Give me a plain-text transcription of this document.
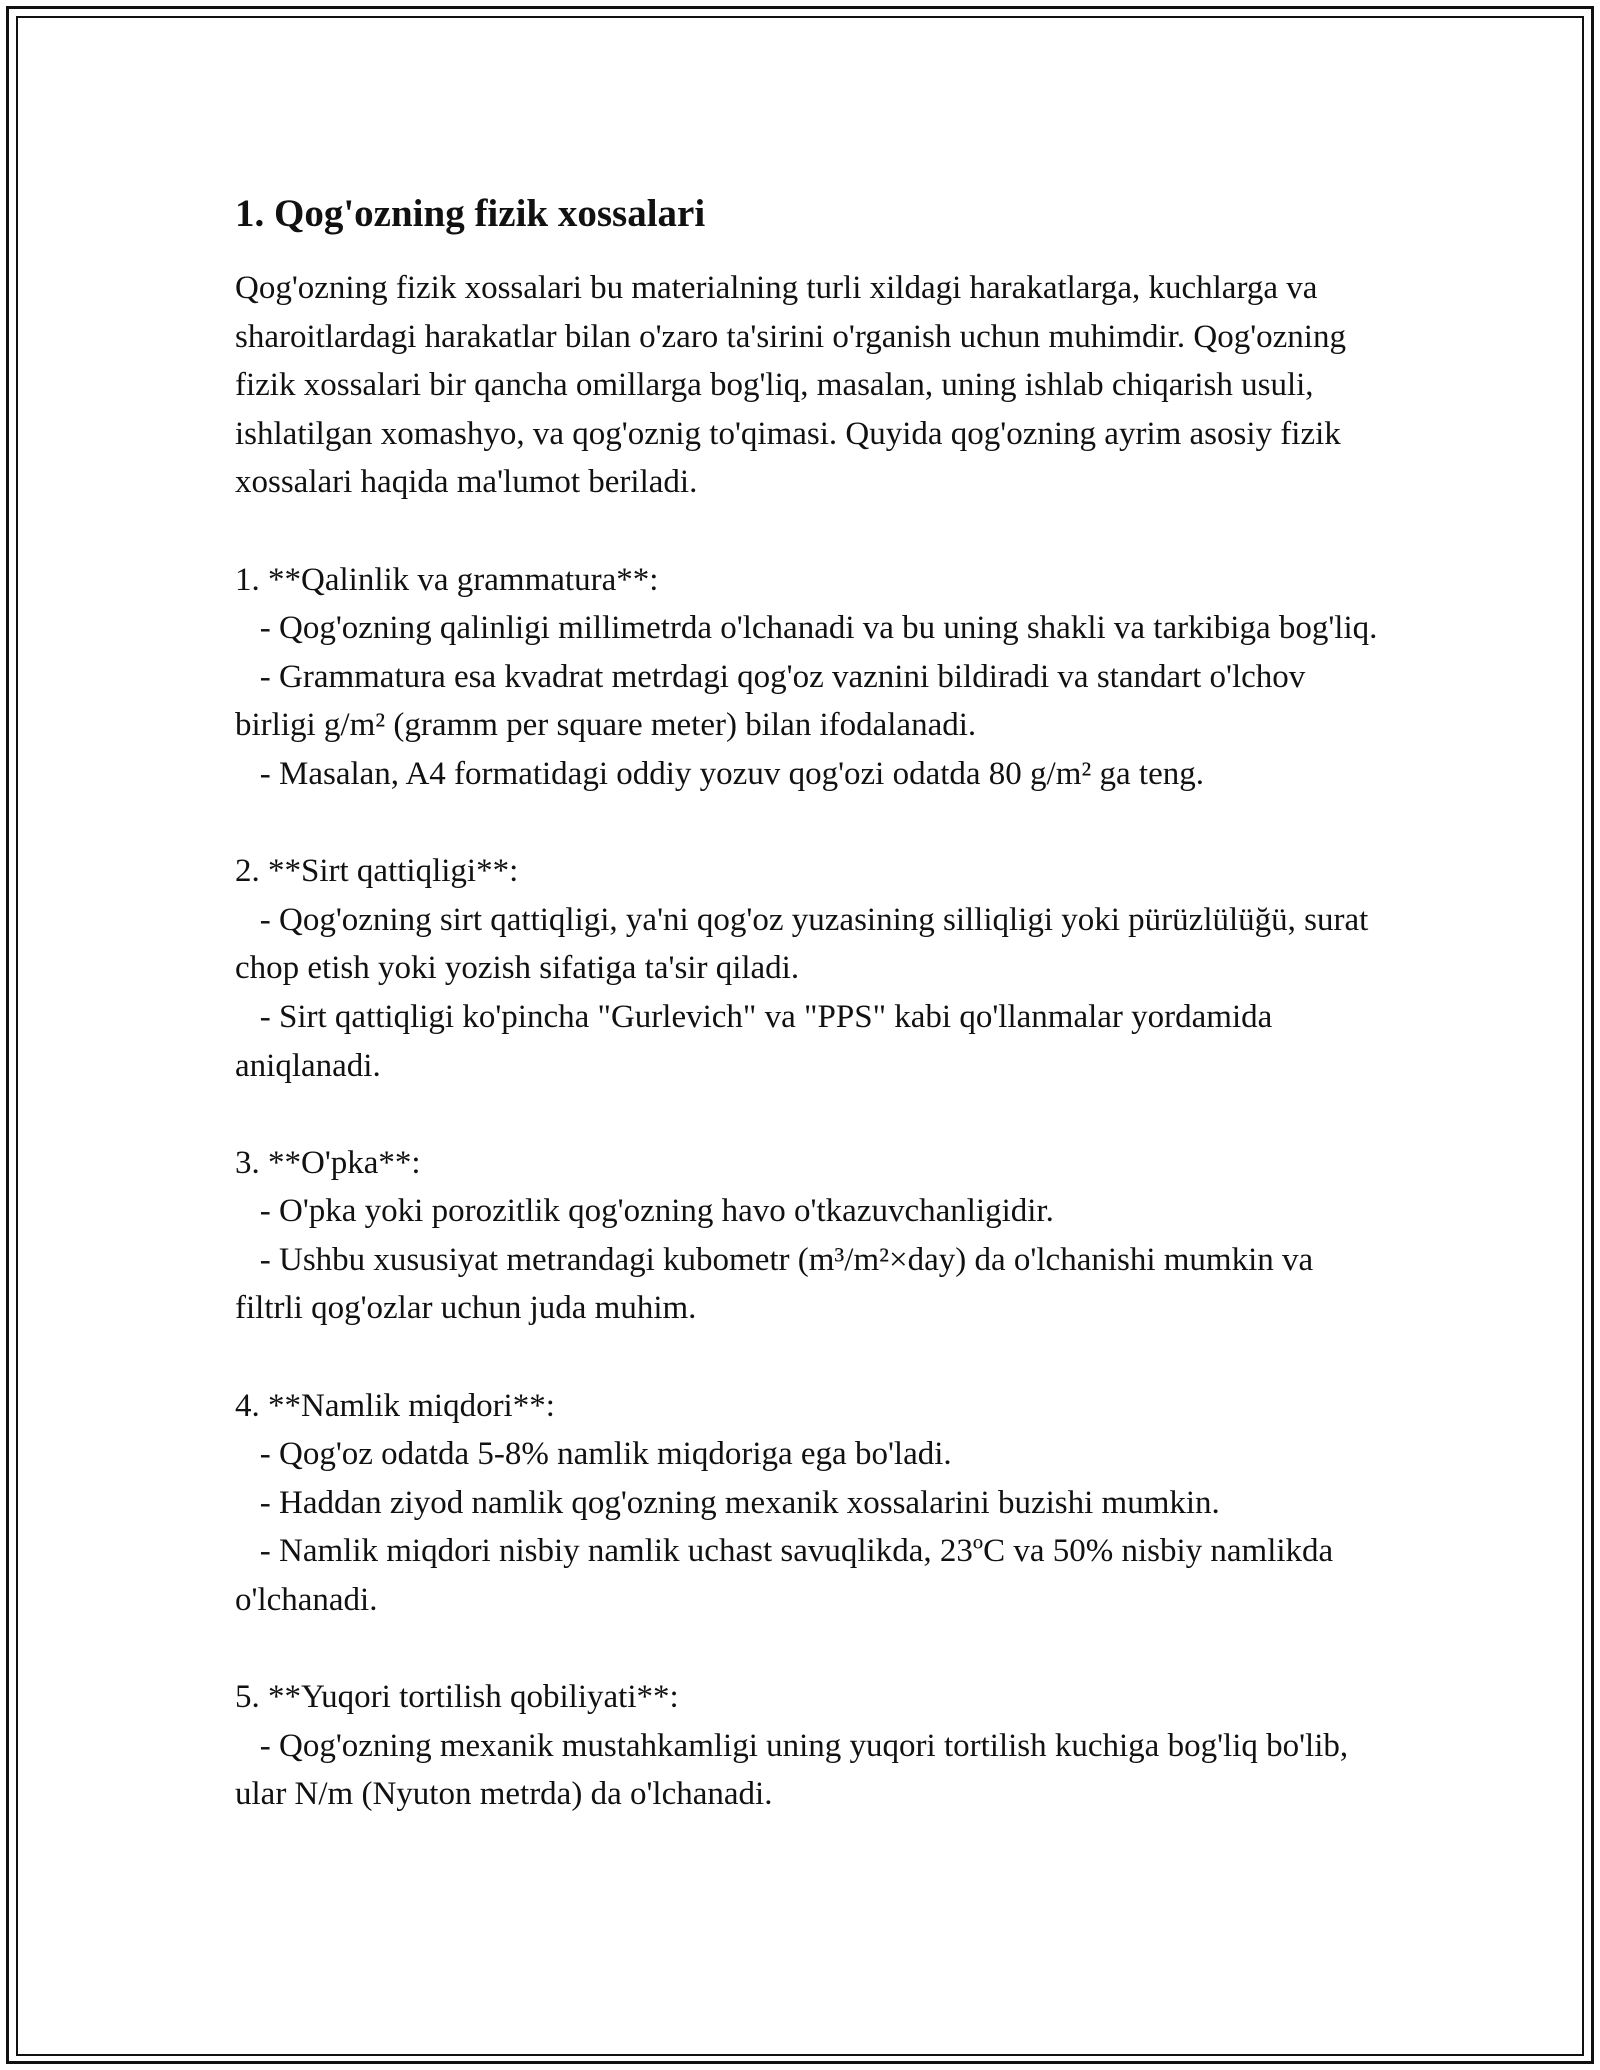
1. Qog'ozning fizik xossalari

Qog'ozning fizik xossalari bu materialning turli xildagi harakatlarga, kuchlarga va sharoitlardagi harakatlar bilan o'zaro ta'sirini o'rganish uchun muhimdir. Qog'ozning fizik xossalari bir qancha omillarga bog'liq, masalan, uning ishlab chiqarish usuli, ishlatilgan xomashyo, va qog'oznig to'qimasi. Quyida qog'ozning ayrim asosiy fizik xossalari haqida ma'lumot beriladi.

1. **Qalinlik va grammatura**:

- Qog'ozning qalinligi millimetrda o'lchanadi va bu uning shakli va tarkibiga bog'liq.

- Grammatura esa kvadrat metrdagi qog'oz vaznini bildiradi va standart o'lchov birligi g/m² (gramm per square meter) bilan ifodalanadi.

- Masalan, A4 formatidagi oddiy yozuv qog'ozi odatda 80 g/m² ga teng.

2. **Sirt qattiqligi**:

- Qog'ozning sirt qattiqligi, ya'ni qog'oz yuzasining silliqligi yoki pürüzlülüğü, surat chop etish yoki yozish sifatiga ta'sir qiladi.

- Sirt qattiqligi ko'pincha "Gurlevich" va "PPS" kabi qo'llanmalar yordamida aniqlanadi.

3. **O'pka**:

- O'pka yoki porozitlik qog'ozning havo o'tkazuvchanligidir.

- Ushbu xususiyat metrandagi kubometr (m³/m²×day) da o'lchanishi mumkin va filtrli qog'ozlar uchun juda muhim.

4. **Namlik miqdori**:

- Qog'oz odatda 5-8% namlik miqdoriga ega bo'ladi.

- Haddan ziyod namlik qog'ozning mexanik xossalarini buzishi mumkin.

- Namlik miqdori nisbiy namlik uchast savuqlikda, 23ºC va 50% nisbiy namlikda o'lchanadi.

5. **Yuqori tortilish qobiliyati**:

- Qog'ozning mexanik mustahkamligi uning yuqori tortilish kuchiga bog'liq bo'lib, ular N/m (Nyuton metrda) da o'lchanadi.
